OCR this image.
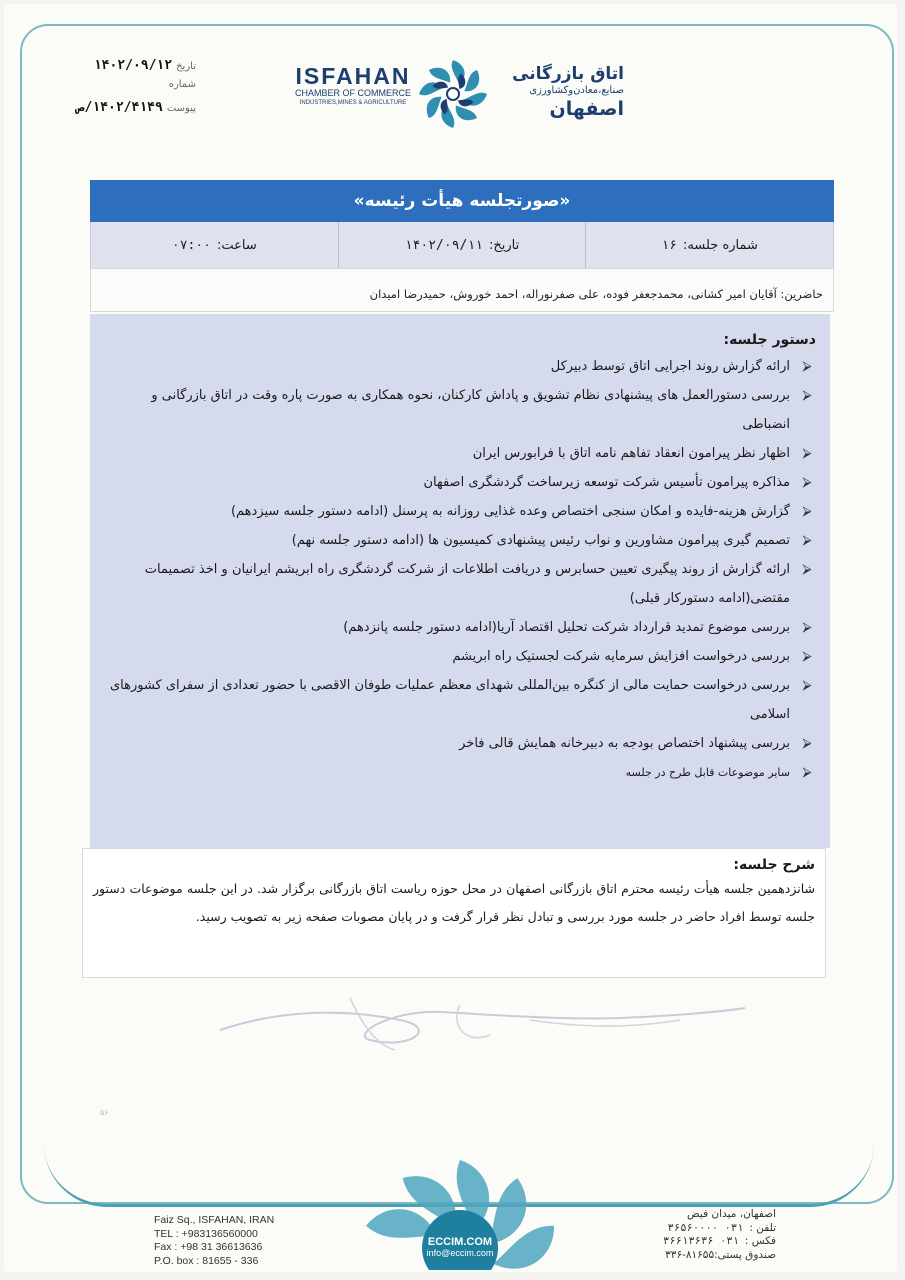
تاریخ
۱۴۰۲/۰۹/۱۲
شماره
پیوست
۱۴۰۲/۴۱۴۹/ص
ISFAHAN
CHAMBER OF COMMERCE
INDUSTRIES,MINES & AGRICULTURE
اتاق بازرگانی
صنایع،معادن‌وکشاورزی
اصفهان
«صورتجلسه هیأت رئیسه»
شماره جلسه:
۱۶
تاریخ:
۱۴۰۲/۰۹/۱۱
ساعت:
۰۷:۰۰
حاضرین: آقایان امیر کشانی، محمدجعفر فوده، علی صفرنوراله، احمد خوروش، حمیدرضا امیدان
دستور جلسه:
⮚
ارائه گزارش روند اجرایی اتاق توسط دبیرکل
⮚
بررسی دستورالعمل های پیشنهادی نظام تشویق و پاداش کارکنان، نحوه همکاری به صورت پاره وقت در اتاق بازرگانی و انضباطی
⮚
اظهار نظر پیرامون انعقاد تفاهم نامه اتاق با فرابورس ایران
⮚
مذاکره پیرامون تأسیس شرکت توسعه زیرساخت گردشگری اصفهان
⮚
گزارش هزینه-فایده و امکان سنجی اختصاص وعده غذایی روزانه به پرسنل (ادامه دستور جلسه سیزدهم)
⮚
تصمیم گیری پیرامون مشاورین و نواب رئیس پیشنهادی کمیسیون ها (ادامه دستور جلسه نهم)
⮚
ارائه گزارش از روند پیگیری تعیین حسابرس و دریافت اطلاعات از شرکت گردشگری راه ابریشم ایرانیان و اخذ تصمیمات مقتضی(ادامه دستورکار قبلی)
⮚
بررسی موضوع تمدید قرارداد شرکت تحلیل اقتصاد آریا(ادامه دستور جلسه پانزدهم)
⮚
بررسی درخواست افزایش سرمایه شرکت لجستیک راه ابریشم
⮚
بررسی درخواست حمایت مالی از کنگره بین‌المللی شهدای معظم عملیات طوفان الاقصی با حضور تعدادی از سفرای کشورهای اسلامی
⮚
بررسی پیشنهاد اختصاص بودجه به دبیرخانه همایش قالی فاخر
⮚
سایر موضوعات قابل طرح در جلسه
شرح جلسه:
شانزدهمین جلسه هیأت رئیسه محترم اتاق بازرگانی اصفهان در محل حوزه ریاست اتاق بازرگانی برگزار شد. در این جلسه موضوعات دستور جلسه توسط افراد حاضر در جلسه مورد بررسی و تبادل نظر قرار گرفت و در پایان مصوبات صفحه زیر به تصویب رسید.
۵۶
Faiz Sq., ISFAHAN, IRAN
TEL : +983136560000
Fax : +98 31 36613636
P.O. box : 81655 - 336
ECCIM.COM
info@eccim.com
اصفهان، میدان فیض
تلفن :۰۳۱ ۳۶۵۶۰۰۰۰
فکس :۰۳۱ ۳۶۶۱۳۶۳۶
صندوق پستی:۸۱۶۵۵-۳۳۶
